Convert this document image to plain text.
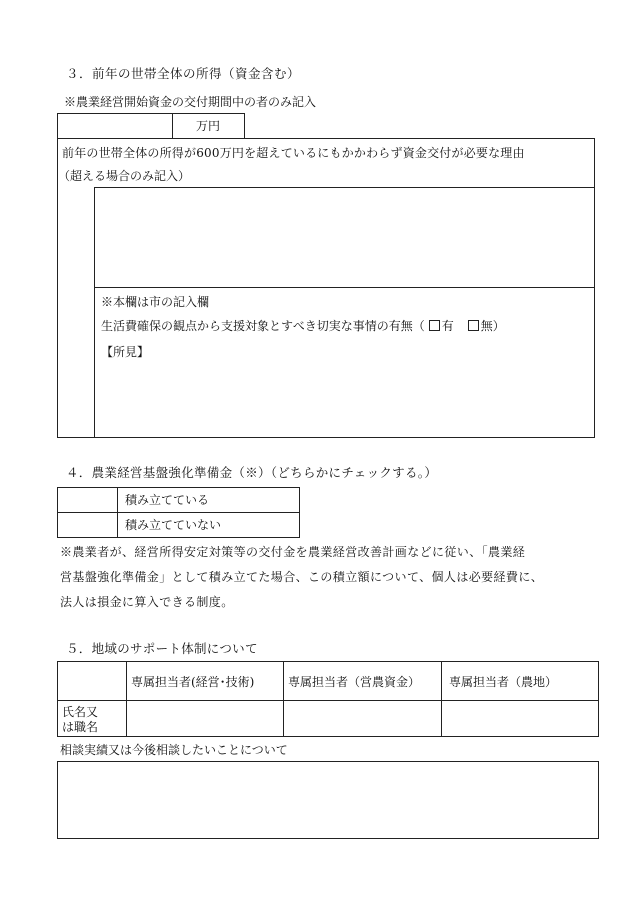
３．前年の世帯全体の所得（資金含む）
※農業経営開始資金の交付期間中の者のみ記入
万円
前年の世帯全体の所得が600万円を超えているにもかかわらず資金交付が必要な理由
（超える場合のみ記入）
※本欄は市の記入欄
生活費確保の観点から支援対象とすべき切実な事情の有無（ 有 無）
【所見】
４．農業経営基盤強化準備金（※）（どちらかにチェックする。）
積み立てている
積み立てていない
※農業者が、経営所得安定対策等の交付金を農業経営改善計画などに従い、「農業経
営基盤強化準備金」として積み立てた場合、この積立額について、個人は必要経費に、
法人は損金に算入できる制度。
５．地域のサポート体制について
専属担当者(経営･技術)	専属担当者（営農資金） 専属担当者（農地）
氏名又
は職名
相談実績又は今後相談したいことについて
